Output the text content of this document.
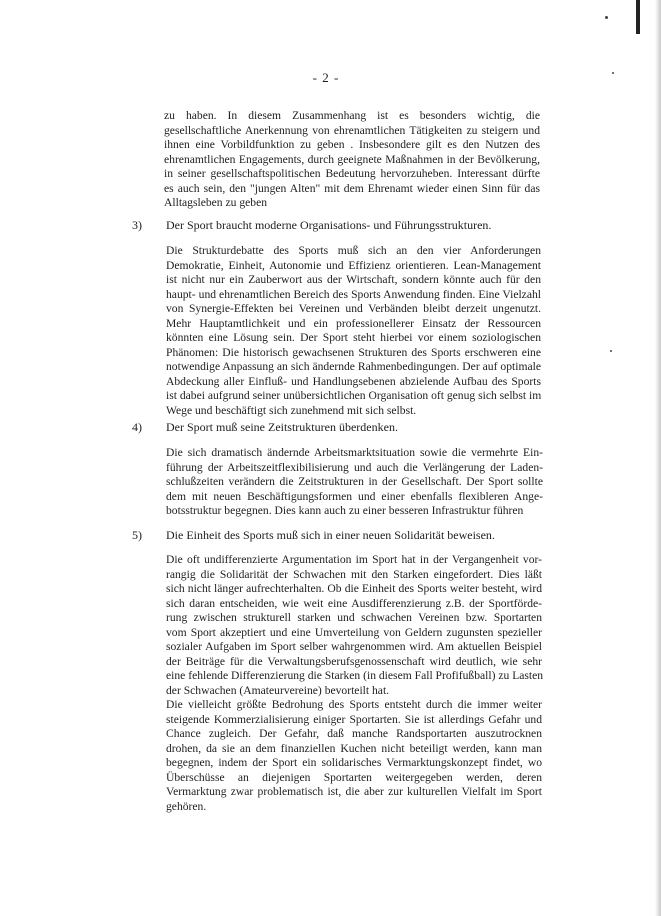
- 2 -
zu haben. In diesem Zusammenhang ist es besonders wichtig, die
gesellschaftliche Anerkennung von ehrenamtlichen Tätigkeiten zu steigern und
ihnen eine Vorbildfunktion zu geben . Insbesondere gilt es den Nutzen des
ehrenamtlichen Engagements, durch geeignete Maßnahmen in der Bevölkerung,
in seiner gesellschaftspolitischen Bedeutung hervorzuheben. Interessant dürfte
es auch sein, den "jungen Alten" mit dem Ehrenamt wieder einen Sinn für das
Alltagsleben zu geben
3) Der Sport braucht moderne Organisations- und Führungsstrukturen.
Die Strukturdebatte des Sports muß sich an den vier Anforderungen
Demokratie, Einheit, Autonomie und Effizienz orientieren. Lean-Management
ist nicht nur ein Zauberwort aus der Wirtschaft, sondern könnte auch für den
haupt- und ehrenamtlichen Bereich des Sports Anwendung finden. Eine Vielzahl
von Synergie-Effekten bei Vereinen und Verbänden bleibt derzeit ungenutzt.
Mehr Hauptamtlichkeit und ein professionellerer Einsatz der Ressourcen
könnten eine Lösung sein. Der Sport steht hierbei vor einem soziologischen
Phänomen: Die historisch gewachsenen Strukturen des Sports erschweren eine
notwendige Anpassung an sich ändernde Rahmenbedingungen. Der auf optimale
Abdeckung aller Einfluß- und Handlungsebenen abzielende Aufbau des Sports
ist dabei aufgrund seiner unübersichtlichen Organisation oft genug sich selbst im
Wege und beschäftigt sich zunehmend mit sich selbst.
4) Der Sport muß seine Zeitstrukturen überdenken.
Die sich dramatisch ändernde Arbeitsmarktsituation sowie die vermehrte Ein-
führung der Arbeitszeitflexibilisierung und auch die Verlängerung der Laden-
schlußzeiten verändern die Zeitstrukturen in der Gesellschaft. Der Sport sollte
dem mit neuen Beschäftigungsformen und einer ebenfalls flexibleren Ange-
botsstruktur begegnen. Dies kann auch zu einer besseren Infrastruktur führen
5) Die Einheit des Sports muß sich in einer neuen Solidarität beweisen.
Die oft undifferenzierte Argumentation im Sport hat in der Vergangenheit vor-
rangig die Solidarität der Schwachen mit den Starken eingefordert. Dies läßt
sich nicht länger aufrechterhalten. Ob die Einheit des Sports weiter besteht, wird
sich daran entscheiden, wie weit eine Ausdifferenzierung z.B. der Sportförde-
rung zwischen strukturell starken und schwachen Vereinen bzw. Sportarten
vom Sport akzeptiert und eine Umverteilung von Geldern zugunsten spezieller
sozialer Aufgaben im Sport selber wahrgenommen wird. Am aktuellen Beispiel
der Beiträge für die Verwaltungsberufsgenossenschaft wird deutlich, wie sehr
eine fehlende Differenzierung die Starken (in diesem Fall Profifußball) zu Lasten
der Schwachen (Amateurvereine) bevorteilt hat.
Die vielleicht größte Bedrohung des Sports entsteht durch die immer weiter
steigende Kommerzialisierung einiger Sportarten. Sie ist allerdings Gefahr und
Chance zugleich. Der Gefahr, daß manche Randsportarten auszutrocknen
drohen, da sie an dem finanziellen Kuchen nicht beteiligt werden, kann man
begegnen, indem der Sport ein solidarisches Vermarktungskonzept findet, wo
Überschüsse an diejenigen Sportarten weitergegeben werden, deren
Vermarktung zwar problematisch ist, die aber zur kulturellen Vielfalt im Sport
gehören.
